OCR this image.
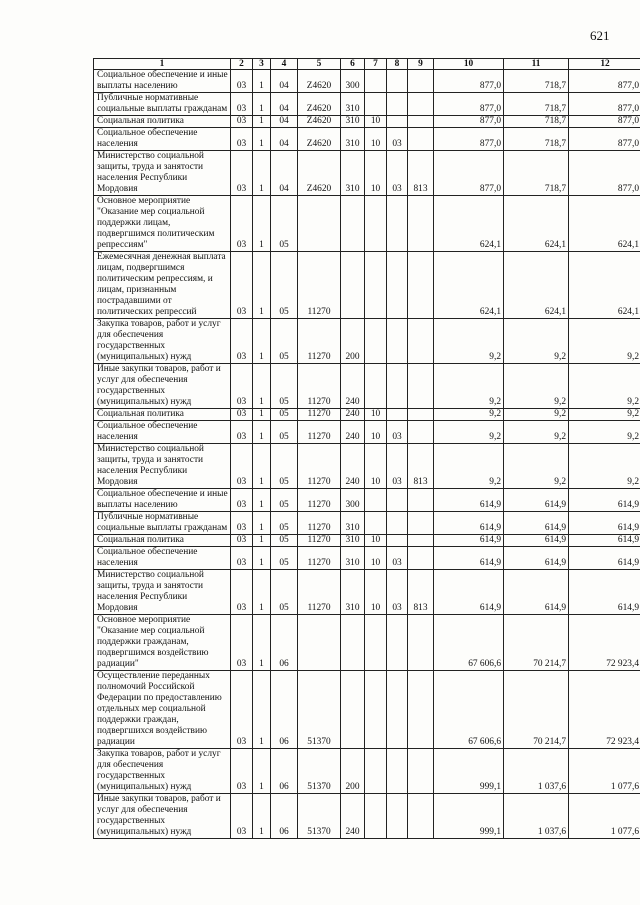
621
1	2	3	4	5	6	7	8	9	10	11	12
Социальное обеспечение и иные выплаты населению	03	1	04	Z4620	300				877,0	718,7	877,0
Публичные нормативные социальные выплаты гражданам	03	1	04	Z4620	310				877,0	718,7	877,0
Социальная политика	03	1	04	Z4620	310	10			877,0	718,7	877,0
Социальное обеспечение населения	03	1	04	Z4620	310	10	03		877,0	718,7	877,0
Министерство социальной защиты, труда и занятости населения Республики Мордовия	03	1	04	Z4620	310	10	03	813	877,0	718,7	877,0
Основное мероприятие "Оказание мер социальной поддержки лицам, подвергшимся политическим репрессиям"	03	1	05						624,1	624,1	624,1
Ежемесячная денежная выплата лицам, подвергшимся политическим репрессиям, и лицам, признанным пострадавшими от политических репрессий	03	1	05	11270					624,1	624,1	624,1
Закупка товаров, работ и услуг для обеспечения государственных (муниципальных) нужд	03	1	05	11270	200				9,2	9,2	9,2
Иные закупки товаров, работ и услуг для обеспечения государственных (муниципальных) нужд	03	1	05	11270	240				9,2	9,2	9,2
Социальная политика	03	1	05	11270	240	10			9,2	9,2	9,2
Социальное обеспечение населения	03	1	05	11270	240	10	03		9,2	9,2	9,2
Министерство социальной защиты, труда и занятости населения Республики Мордовия	03	1	05	11270	240	10	03	813	9,2	9,2	9,2
Социальное обеспечение и иные выплаты населению	03	1	05	11270	300				614,9	614,9	614,9
Публичные нормативные социальные выплаты гражданам	03	1	05	11270	310				614,9	614,9	614,9
Социальная политика	03	1	05	11270	310	10			614,9	614,9	614,9
Социальное обеспечение населения	03	1	05	11270	310	10	03		614,9	614,9	614,9
Министерство социальной защиты, труда и занятости населения Республики Мордовия	03	1	05	11270	310	10	03	813	614,9	614,9	614,9
Основное мероприятие "Оказание мер социальной поддержки гражданам, подвергшимся воздействию радиации"	03	1	06						67 606,6	70 214,7	72 923,4
Осуществление переданных полномочий Российской Федерации по предоставлению отдельных мер социальной поддержки граждан, подвергшихся воздействию радиации	03	1	06	51370					67 606,6	70 214,7	72 923,4
Закупка товаров, работ и услуг для обеспечения государственных (муниципальных) нужд	03	1	06	51370	200				999,1	1 037,6	1 077,6
Иные закупки товаров, работ и услуг для обеспечения государственных (муниципальных) нужд	03	1	06	51370	240				999,1	1 037,6	1 077,6
